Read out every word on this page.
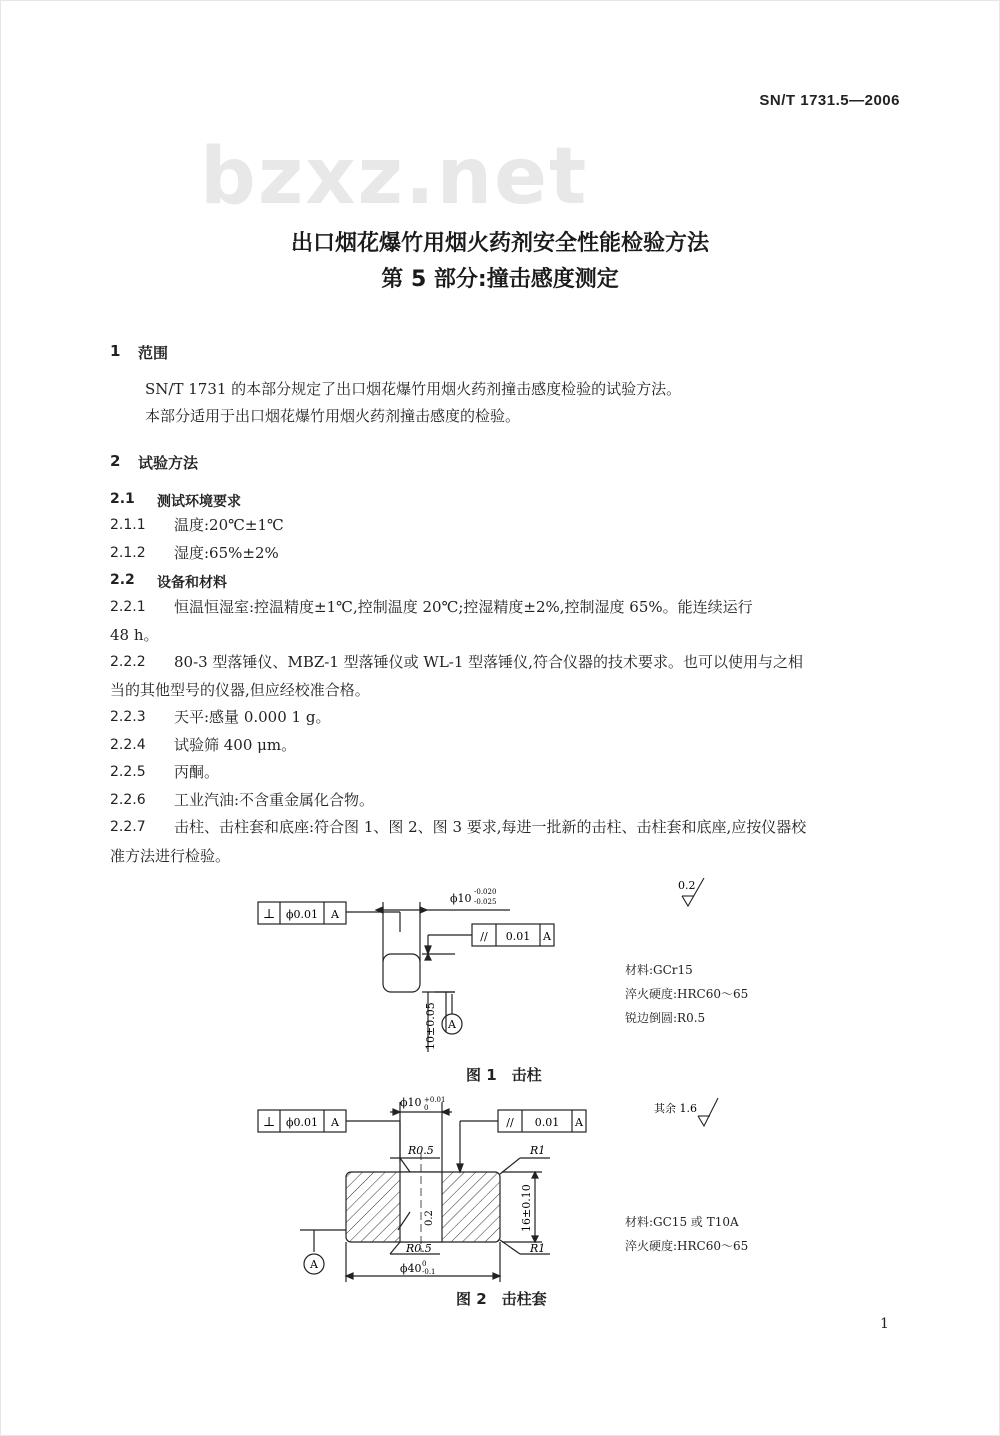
SN/T 1731.5—2006
bzxz.net
出口烟花爆竹用烟火药剂安全性能检验方法
第 5 部分:撞击感度测定
1 范围
SN/T 1731 的本部分规定了出口烟花爆竹用烟火药剂撞击感度检验的试验方法。
本部分适用于出口烟花爆竹用烟火药剂撞击感度的检验。
2 试验方法
2.1 测试环境要求
2.1.1 温度:20℃±1℃
2.1.2 湿度:65%±2%
2.2 设备和材料
2.2.1 恒温恒湿室:控温精度±1℃,控制温度 20℃;控湿精度±2%,控制湿度 65%。能连续运行
48 h。
2.2.2 80-3 型落锤仪、MBZ-1 型落锤仪或 WL-1 型落锤仪,符合仪器的技术要求。也可以使用与之相
当的其他型号的仪器,但应经校准合格。
2.2.3 天平:感量 0.000 1 g。
2.2.4 试验筛 400 μm。
2.2.5 丙酮。
2.2.6 工业汽油:不含重金属化合物。
2.2.7 击柱、击柱套和底座:符合图 1、图 2、图 3 要求,每进一批新的击柱、击柱套和底座,应按仪器校
准方法进行检验。
⊥ ϕ0.01 A
ϕ10 -0.020
-0.025
// 0.01 A
10±0.05 A
0.2
材料:GCr15
淬火硬度:HRC60～65
锐边倒圆:R0.5
图 1　击柱
⊥ ϕ0.01 A
ϕ10 +0.01
0
// 0.01 A
R0.5	R1
R0.5	R1
16±0.10
0.2
ϕ40 0
-0.1
A
其余 1.6
材料:GC15 或 T10A
淬火硬度:HRC60～65
图 2　击柱套
1
